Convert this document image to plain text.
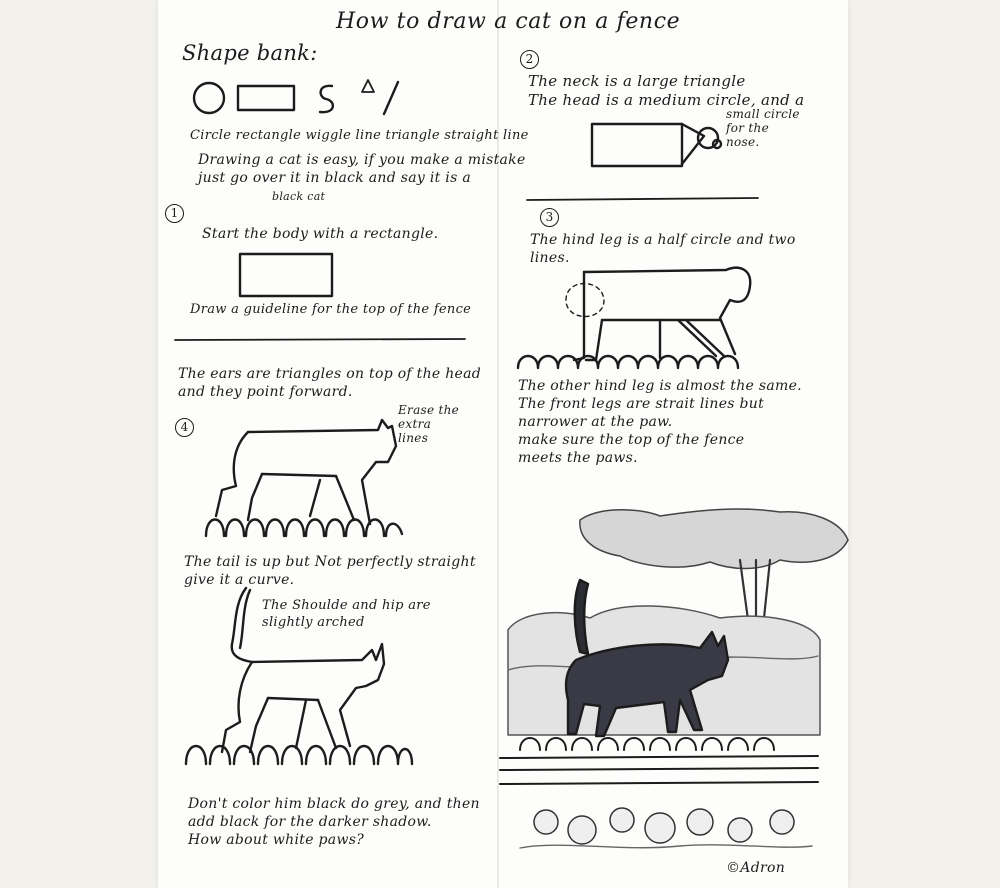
How to draw a cat on a fence

Shape bank:

Circle rectangle wiggle line triangle straight line

Drawing a cat is easy, if you make a mistake
just go over it in black and say it is a

black cat

1

Start the body with a rectangle.

Draw a guideline for the top of the fence

2

The neck is a large triangle
The head is a medium circle, and a

small circle
for the
nose.

3

The hind leg is a half circle and two
lines.

The other hind leg is almost the same.
The front legs are strait lines but
narrower at the paw.
make sure the top of the fence
meets the paws.

The ears are triangles on top of the head
and they point forward.

4

Erase the
extra
lines

The tail is up but Not perfectly straight
give it a curve.

The Shoulde and hip are
slightly arched

Don't color him black do grey, and then
add black for the darker shadow.
How about white paws?

©Adron
